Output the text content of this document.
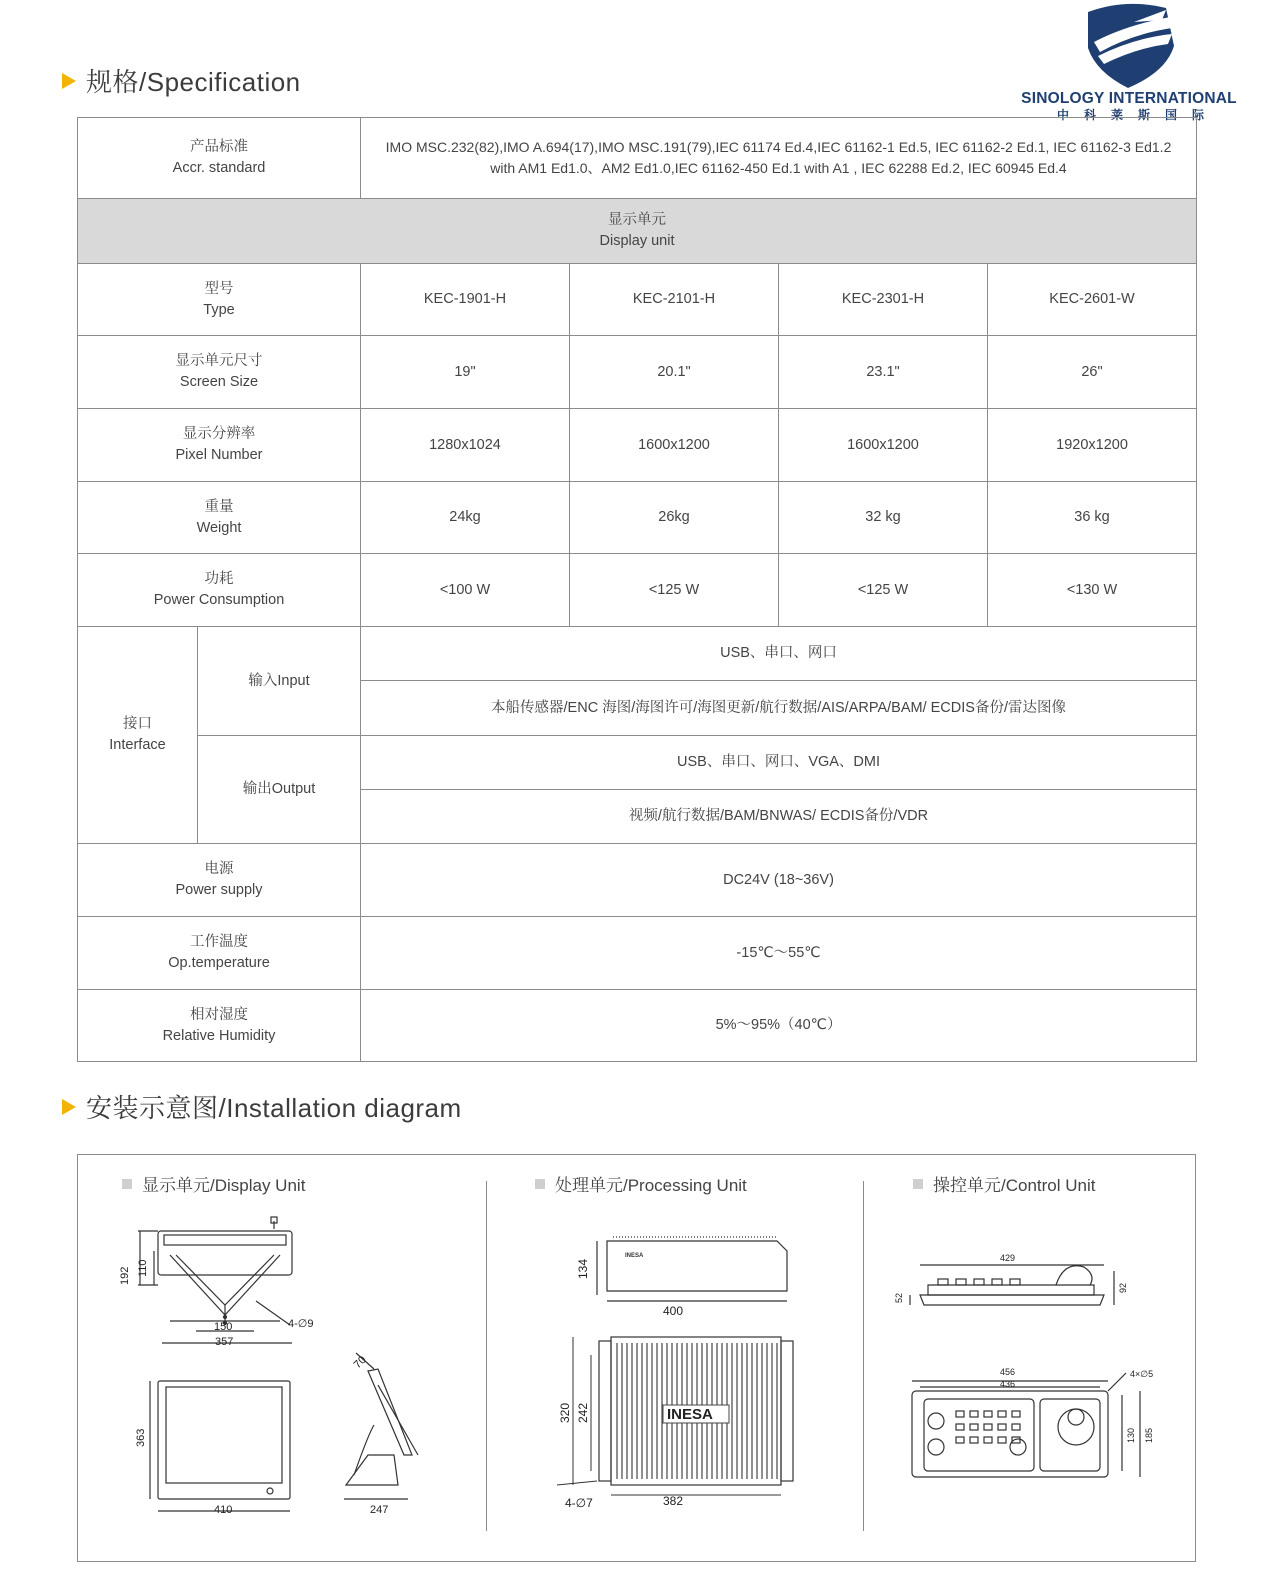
规格/Specification
SINOLOGY INTERNATIONAL
中科莱斯国际
产品标准
Accr. standard		IMO MSC.232(82),IMO A.694(17),IMO MSC.191(79),IEC 61174 Ed.4,IEC 61162-1 Ed.5, IEC 61162-2 Ed.1, IEC 61162-3 Ed1.2
with AM1 Ed1.0、AM2 Ed1.0,IEC 61162-450 Ed.1 with A1 , IEC 62288 Ed.2, IEC 60945 Ed.4			

显示单元
Display unit					

型号
Type		KEC-1901-H	KEC-2101-H	KEC-2301-H	KEC-2601-W

显示单元尺寸
Screen Size		19"	20.1"	23.1"	26"

显示分辨率
Pixel Number		1280x1024	1600x1200	1600x1200	1920x1200

重量
Weight		24kg	26kg	32 kg	36 kg

功耗
Power Consumption		<100 W	<125 W	<125 W	<130 W

接口
Interface	输入Input	USB、串口、网口			
		本船传感器/ENC 海图/海图许可/海图更新/航行数据/AIS/ARPA/BAM/ ECDIS备份/雷达图像			
	输出Output	USB、串口、网口、VGA、DMI			
		视频/航行数据/BAM/BNWAS/ ECDIS备份/VDR			

电源
Power supply		DC24V (18~36V)			

工作温度
Op.temperature		-15℃～55℃			

相对湿度
Relative Humidity		5%～95%（40℃）			
安装示意图/Installation diagram
显示单元/Display Unit	处理单元/Processing Unit	操控单元/Control Unit
192 110
150
357
4-∅9
363
410	247
70
INESA
INESA
134
400
320 242
382
4-∅7
429
52
92
456
436
4×∅5
130 185
